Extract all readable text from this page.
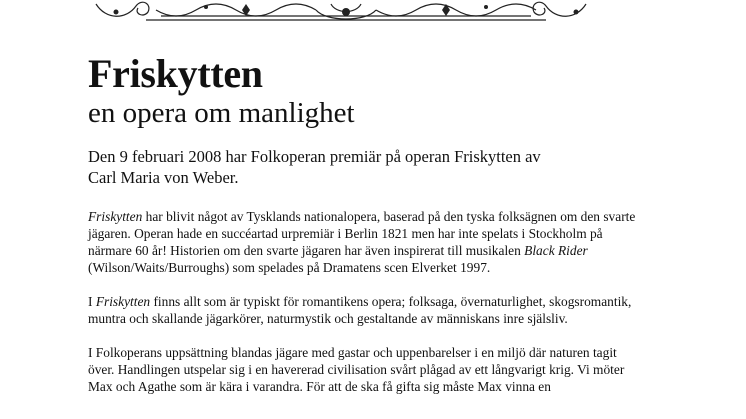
Friskytten
en opera om manlighet
Den 9 februari 2008 har Folkoperan premiär på operan Friskytten av
Carl Maria von Weber.

Friskytten har blivit något av Tysklands nationalopera, baserad på den tyska folksägnen om den svarte jägaren. Operan hade en succéartad urpremiär i Berlin 1821 men har inte spelats i Stockholm på närmare 60 år! Historien om den svarte jägaren har även inspirerat till musikalen Black Rider (Wilson/Waits/Burroughs) som spelades på Dramatens scen Elverket 1997.

I Friskytten finns allt som är typiskt för romantikens opera; folksaga, övernaturlighet, skogsromantik, muntra och skallande jägarkörer, naturmystik och gestaltande av människans inre själsliv.

I Folkoperans uppsättning blandas jägare med gastar och uppenbarelser i en miljö där naturen tagit över. Handlingen utspelar sig i en havererad civilisation svårt plågad av ett långvarigt krig. Vi möter Max och Agathe som är kära i varandra. För att de ska få gifta sig måste Max vinna en
